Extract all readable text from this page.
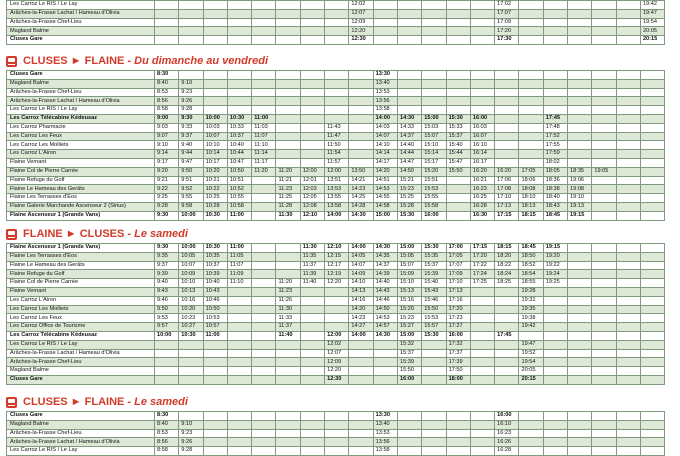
Les Carroz Le RIS / Le Lay									12:02						17:02						19:42
Arâches-la-Frasse Lachat / Hameau d'Olivia									12:07						17:07						19:47
Arâches-la-Frasse Chef-Lieu									12:09						17:09						19:54
Magland Balme									12:20						17:20						20:05
Cluses Gare									12:30						17:30						20:15
CLUSES ► FLAINE - Du dimanche au vendredi
Cluses Gare	8:30									13:30											
Magland Balme	8:40	9:10								13:40											
Arâches-la-Frasse Chef-Lieu	8:53	9:23								13:53											
Arâches-la-Frasse Lachat / Hameau d'Olivia	8:56	9:26								13:56											
Les Carroz Le RIS / Le Lay	8:58	9:28								13:58											
Les Carroz Télécabine Kédeusaz	9:00	9:30	10:00	10:30	11:00					14:00	14:30	15:00	15:30	16:00			17:45				
Les Carroz Pharmacie	9:03	9:33	10:03	10:33	11:03			11:43		14:03	14:33	15:03	15:33	16:03			17:48				
Les Carroz Les Feux	9:07	9:37	10:07	10:37	11:07			11:47		14:07	14:37	15:07	15:37	16:07			17:52				
Les Carroz Les Molliets	9:10	9:40	10:10	10:40	11:10			11:50		14:10	14:40	15:10	15:40	16:10			17:55				
Les Carroz L'Airon	9:14	9:44	10:14	10:44	11:14			11:54		14:14	14:44	15:14	15:44	16:14			17:59				
Flaine Vernant	9:17	9:47	10:17	10:47	11:17			11:57		14:17	14:47	15:17	15:47	16:17			18:02				
Flaine Col de Pierre Carrée	9:20	9:50	10:20	10:50	11:20	11:20	12:00	12:00	13:50	14:20	14:50	15:20	15:50	16:20	16:20	17:05	18:05	18:35	19:05		
Flaine Refuge du Golf	9:21	9:51	10:21	10:51		11:21	12:01	13:51	14:21	14:51	15:21	15:51		16:21	17:06	18:06	18:36	19:06			
Flaine Le Hameau des Gerâts	9:22	9:52	10:22	10:52		11:23	12:03	13:53	14:23	14:53	15:23	15:53		16:23	17:08	18:08	18:38	19:08			
Flaine Les Terrasses d'Éos	9:25	9:55	10:25	10:55		11:25	12:05	13:55	14:25	14:55	15:25	15:55		16:25	17:10	18:10	18:40	19:10			
Flaine Galerie Marchande Ascenseur 2 (Sirius)	9:28	9:58	10:28	10:58		11:28	12:08	13:58	14:28	14:58	15:28	15:58		16:28	17:13	18:13	18:43	19:13			
Flaine Ascenseur 1 (Grands Vans)	9:30	10:00	10:30	11:00		11:30	12:10	14:00	14:30	15:00	15:30	16:00		16:30	17:15	18:15	18:45	19:15			
FLAINE ► CLUSES - Le samedi
Flaine Ascenseur 1 (Grands Vans)	9:30	10:00	10:30	11:00			11:30	12:10	14:00	14:30	15:00	15:30	17:00	17:15	18:15	18:45	19:15				
Flaine Les Terrasses d'Éos	9:35	10:05	10:35	11:05			11:35	12:15	14:05	14:35	15:05	15:35	17:05	17:20	18:20	18:50	19:20				
Flaine Le Hameau des Gerâts	9:37	10:07	10:37	11:07			11:37	12:17	14:07	14:37	15:07	15:37	17:07	17:22	18:22	18:52	19:22				
Flaine Refuge du Golf	9:39	10:09	10:39	11:09			11:39	12:19	14:09	14:39	15:09	15:39	17:09	17:24	18:24	18:54	19:24				
Flaine Col de Pierre Carrée	9:40	10:10	10:40	11:10		11:20	11:40	12:20	14:10	14:40	15:10	15:40	17:10	17:25	18:25	18:55	19:25				
Flaine Vernant	9:43	10:13	10:43			11:23			14:13	14:43	15:13	15:43	17:13			19:28					
Les Carroz L'Airon	9:46	10:16	10:46			11:26			14:16	14:46	15:16	15:46	17:16			19:31					
Les Carroz Les Molliets	9:50	10:20	10:50			11:30			14:20	14:50	15:20	15:50	17:20			19:35					
Les Carroz Les Feux	9:53	10:23	10:53			11:33			14:23	14:53	15:23	15:53	17:23			19:38					
Les Carroz Office de Tourisme	9:57	10:27	10:57			11:37			14:27	14:57	15:27	15:57	17:27			19:42					
Les Carroz Télécabine Kédeusaz	10:00	10:30	11:00			11:40		12:00	14:00	14:30	15:00	15:30	16:00		17:45						
Les Carroz Le RIS / Le Lay								12:02			15:32		17:32			19:47					
Arâches-la-Frasse Lachat / Hameau d'Olivia								12:07			15:37		17:37			19:52					
Arâches-la-Frasse Chef-Lieu								12:09			15:39		17:39			19:54					
Magland Balme								12:20			15:50		17:50			20:05					
Cluses Gare								12:30			16:00		18:00			20:15					
CLUSES ► FLAINE - Le samedi
Cluses Gare	8:30									13:30					16:00						
Magland Balme	8:40	9:10								13:40					16:10						
Arâches-la-Frasse Chef-Lieu	8:53	9:23								13:53					16:23						
Arâches-la-Frasse Lachat / Hameau d'Olivia	8:56	9:26								13:56					16:26						
Les Carroz Le RIS / Le Lay	8:58	9:28								13:58					16:28						
